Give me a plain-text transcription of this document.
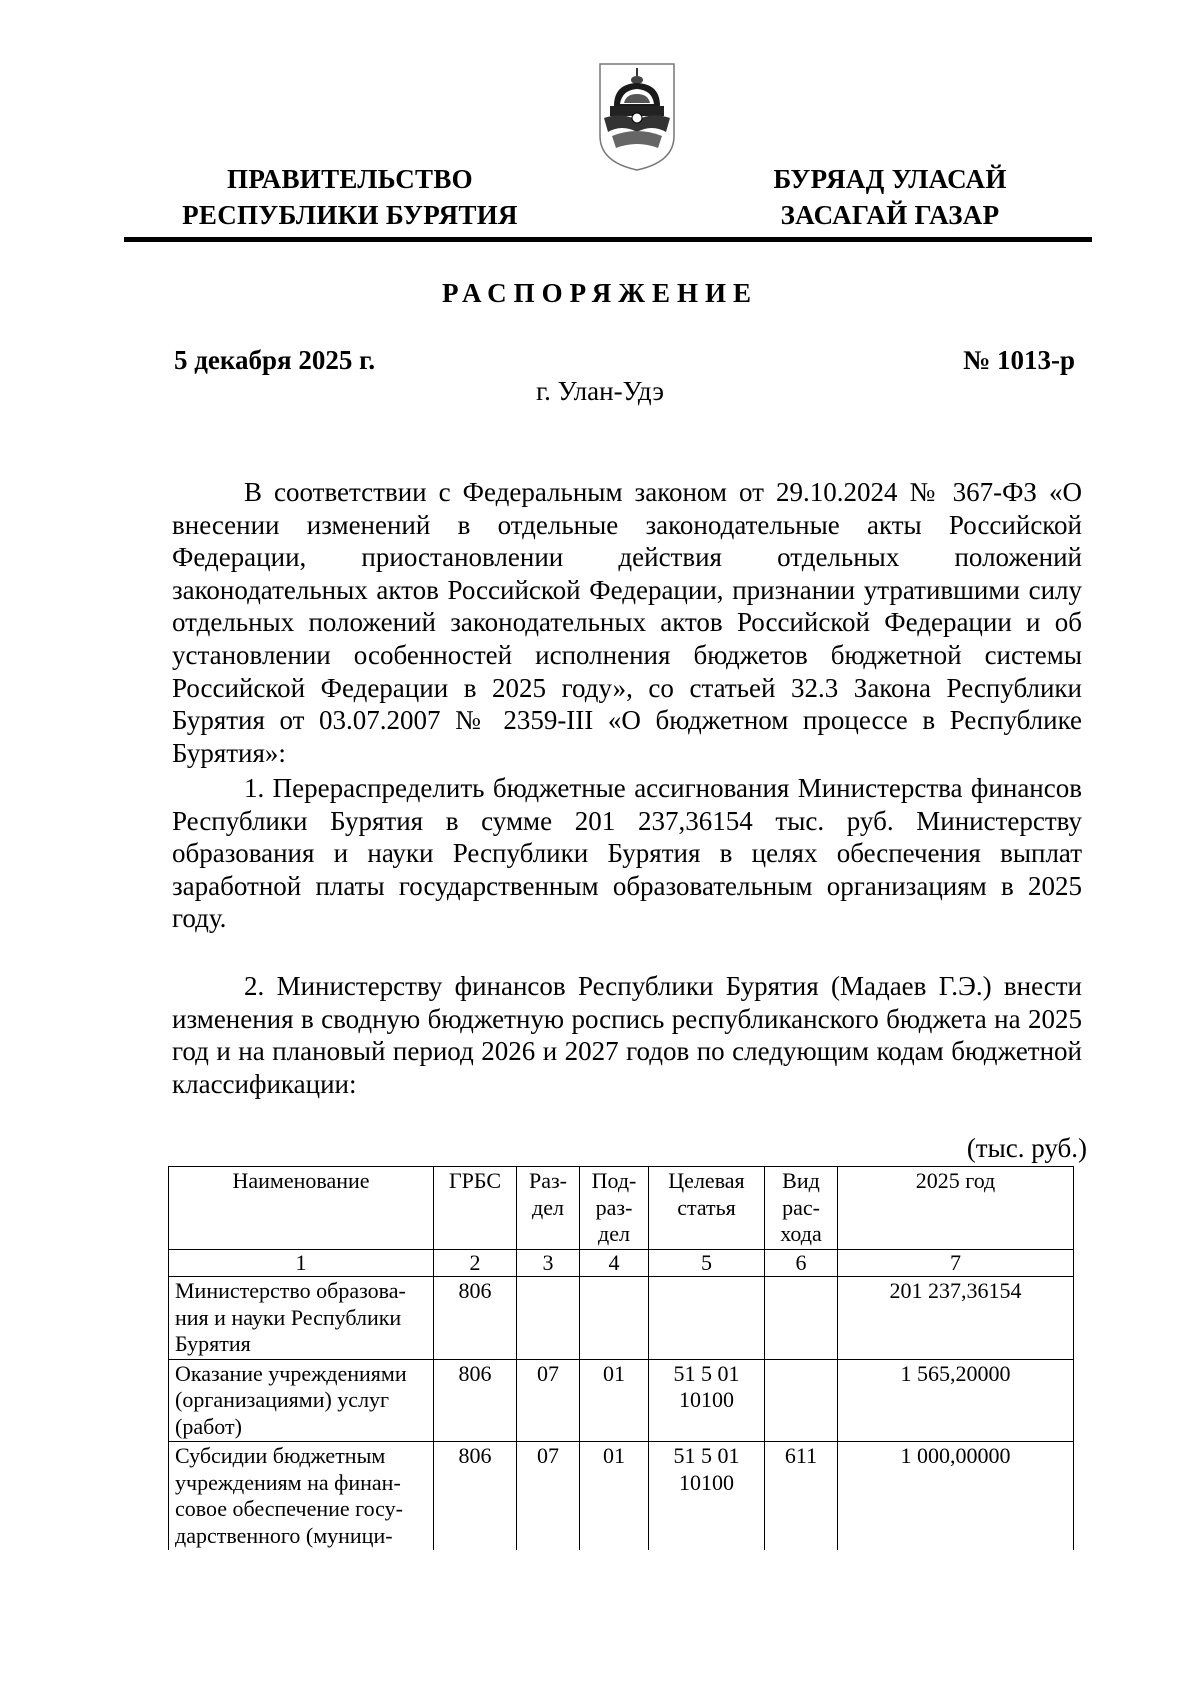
ПРАВИТЕЛЬСТВО
РЕСПУБЛИКИ БУРЯТИЯ
БУРЯАД УЛАСАЙ
ЗАСАГАЙ ГАЗАР
РАСПОРЯЖЕНИЕ
5 декабря 2025 г.	№ 1013-р
г. Улан-Удэ

В соответствии с Федеральным законом от 29.10.2024 № 367-ФЗ «О внесении изменений в отдельные законодательные акты Российской Федерации, приостановлении действия отдельных положений законодательных актов Российской Федерации, признании утратившими силу отдельных положений законодательных актов Российской Федерации и об установлении особенностей исполнения бюджетов бюджетной системы Российской Федерации в 2025 году», со статьей 32.3 Закона Республики Бурятия от 03.07.2007 № 2359-III «О бюджетном процессе в Республике Бурятия»:

1. Перераспределить бюджетные ассигнования Министерства финансов Республики Бурятия в сумме 201 237,36154 тыс. руб. Министерству образования и науки Республики Бурятия в целях обеспечения выплат заработной платы государственным образовательным организациям в 2025 году.

2. Министерству финансов Республики Бурятия (Мадаев Г.Э.) внести изменения в сводную бюджетную роспись республиканского бюджета на 2025 год и на плановый период 2026 и 2027 годов по следующим кодам бюджетной классификации:

(тыс. руб.)
Наименование	ГРБС	Раз- дел	Под- раз- дел	Целевая статья	Вид рас- хода	2025 год
1	2	3	4	5	6	7
Министерство образова- ния и науки Республики Бурятия	806					201 237,36154
Оказание учреждениями (организациями) услуг (работ)	806	07	01	51 5 01 10100		1 565,20000
Субсидии бюджетным учреждениям на финан- совое обеспечение госу- дарственного (муници-	806	07	01	51 5 01 10100	611	1 000,00000
